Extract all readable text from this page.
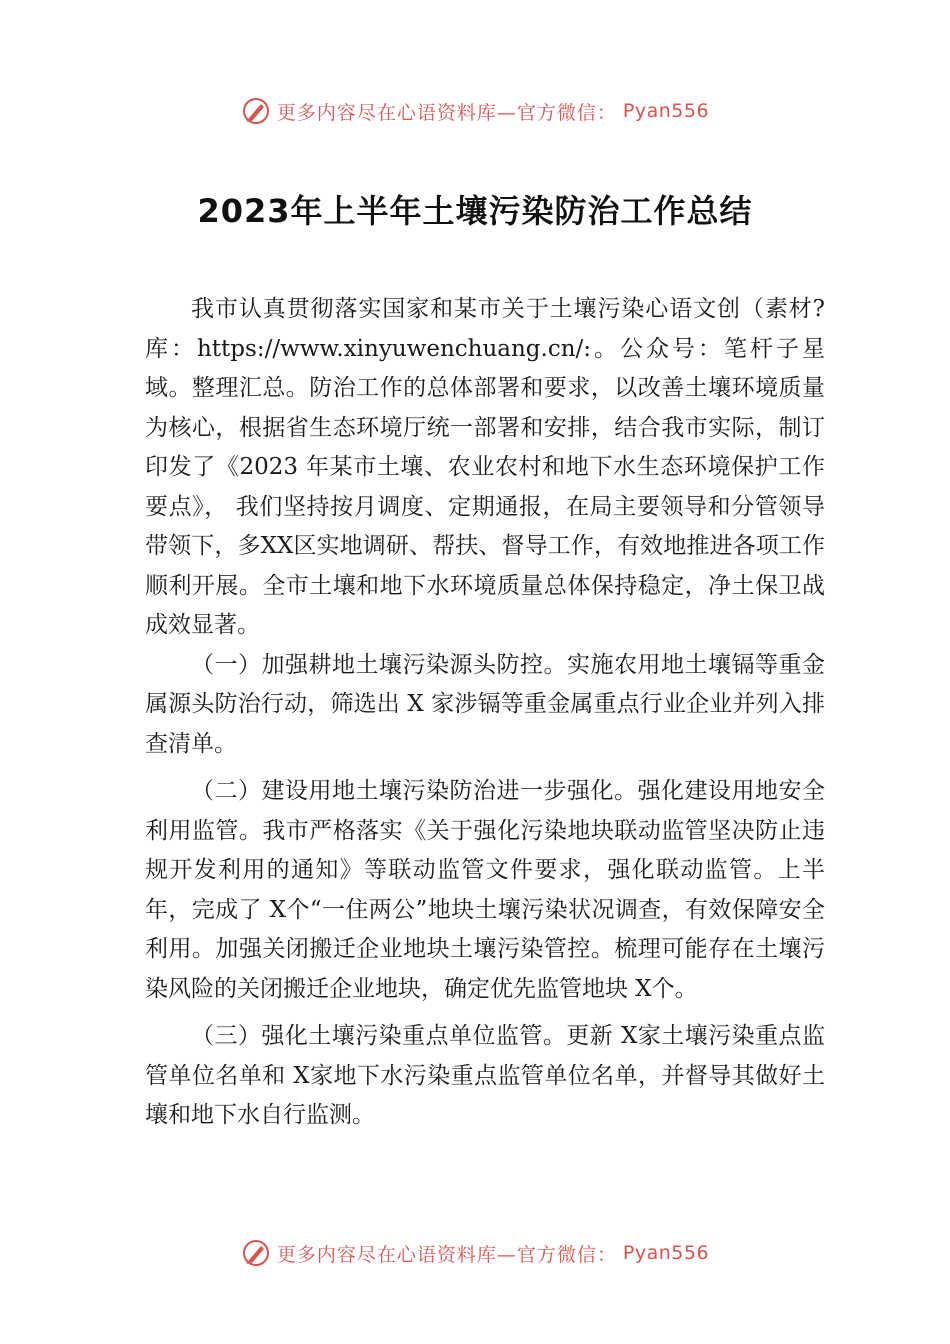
更多内容尽在心语资料库—官方微信： Pyan556
2023年上半年土壤污染防治工作总结

我市认真贯彻落实国家和某市关于土壤污染心语文创（素材?库：https://www.xinyuwenchuang.cn/:。公众号：笔杆子星域。整理汇总。防治工作的总体部署和要求，以改善土壤环境质量为核心，根据省生态环境厅统一部署和安排，结合我市实际，制订印发了《2023 年某市土壤、农业农村和地下水生态环境保护工作要点》， 我们坚持按月调度、定期通报，在局主要领导和分管领导带领下，多XX区实地调研、帮扶、督导工作，有效地推进各项工作顺利开展。全市土壤和地下水环境质量总体保持稳定，净土保卫战成效显著。

（一）加强耕地土壤污染源头防控。实施农用地土壤镉等重金属源头防治行动，筛选出 X 家涉镉等重金属重点行业企业并列入排查清单。

（二）建设用地土壤污染防治进一步强化。强化建设用地安全利用监管。我市严格落实《关于强化污染地块联动监管坚决防止违规开发利用的通知》等联动监管文件要求，强化联动监管。上半年，完成了 X个“一住两公”地块土壤污染状况调查，有效保障安全利用。加强关闭搬迁企业地块土壤污染管控。梳理可能存在土壤污染风险的关闭搬迁企业地块，确定优先监管地块 X个。

（三）强化土壤污染重点单位监管。更新 X家土壤污染重点监管单位名单和 X家地下水污染重点监管单位名单，并督导其做好土壤和地下水自行监测。

更多内容尽在心语资料库—官方微信： Pyan556
